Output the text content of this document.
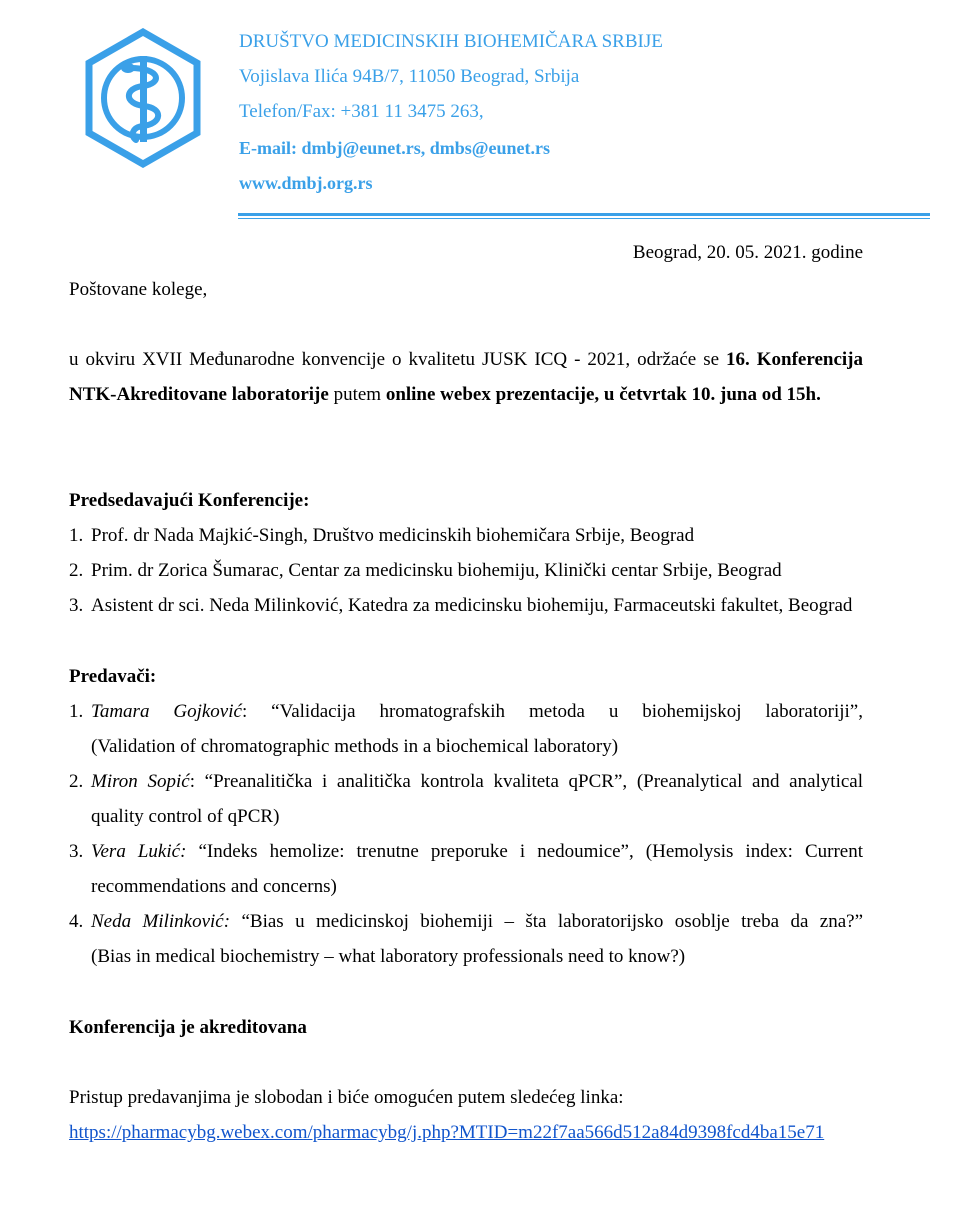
DRUŠTVO MEDICINSKIH BIOHEMIČARA SRBIJE
Vojislava Ilića 94B/7, 11050 Beograd, Srbija
Telefon/Fax: +381 11 3475 263,
E-mail: dmbj@eunet.rs, dmbs@eunet.rs
www.dmbj.org.rs
Beograd, 20. 05. 2021. godine
Poštovane kolege,
u okviru XVII Međunarodne konvencije o kvalitetu JUSK ICQ - 2021, održaće se 16. Konferencija NTK-Akreditovane laboratorije putem online webex prezentacije, u četvrtak 10. juna od 15h.
Predsedavajući Konferencije:
1. Prof. dr Nada Majkić-Singh, Društvo medicinskih biohemičara Srbije, Beograd
2. Prim. dr Zorica Šumarac, Centar za medicinsku biohemiju, Klinički centar Srbije, Beograd
3. Asistent dr sci. Neda Milinković, Katedra za medicinsku biohemiju, Farmaceutski fakultet, Beograd
Predavači:
1. Tamara Gojković: “Validacija hromatografskih metoda u biohemijskoj laboratoriji”,
(Validation of chromatographic methods in a biochemical laboratory)
2. Miron Sopić: “Preanalitička i analitička kontrola kvaliteta qPCR”, (Preanalytical and analytical
quality control of qPCR)
3. Vera Lukić: “Indeks hemolize: trenutne preporuke i nedoumice”, (Hemolysis index: Current
recommendations and concerns)
4. Neda Milinković: “Bias u medicinskoj biohemiji – šta laboratorijsko osoblje treba da zna?”
(Bias in medical biochemistry – what laboratory professionals need to know?)
Konferencija je akreditovana
Pristup predavanjima je slobodan i biće omogućen putem sledećeg linka:
https://pharmacybg.webex.com/pharmacybg/j.php?MTID=m22f7aa566d512a84d9398fcd4ba15e71
